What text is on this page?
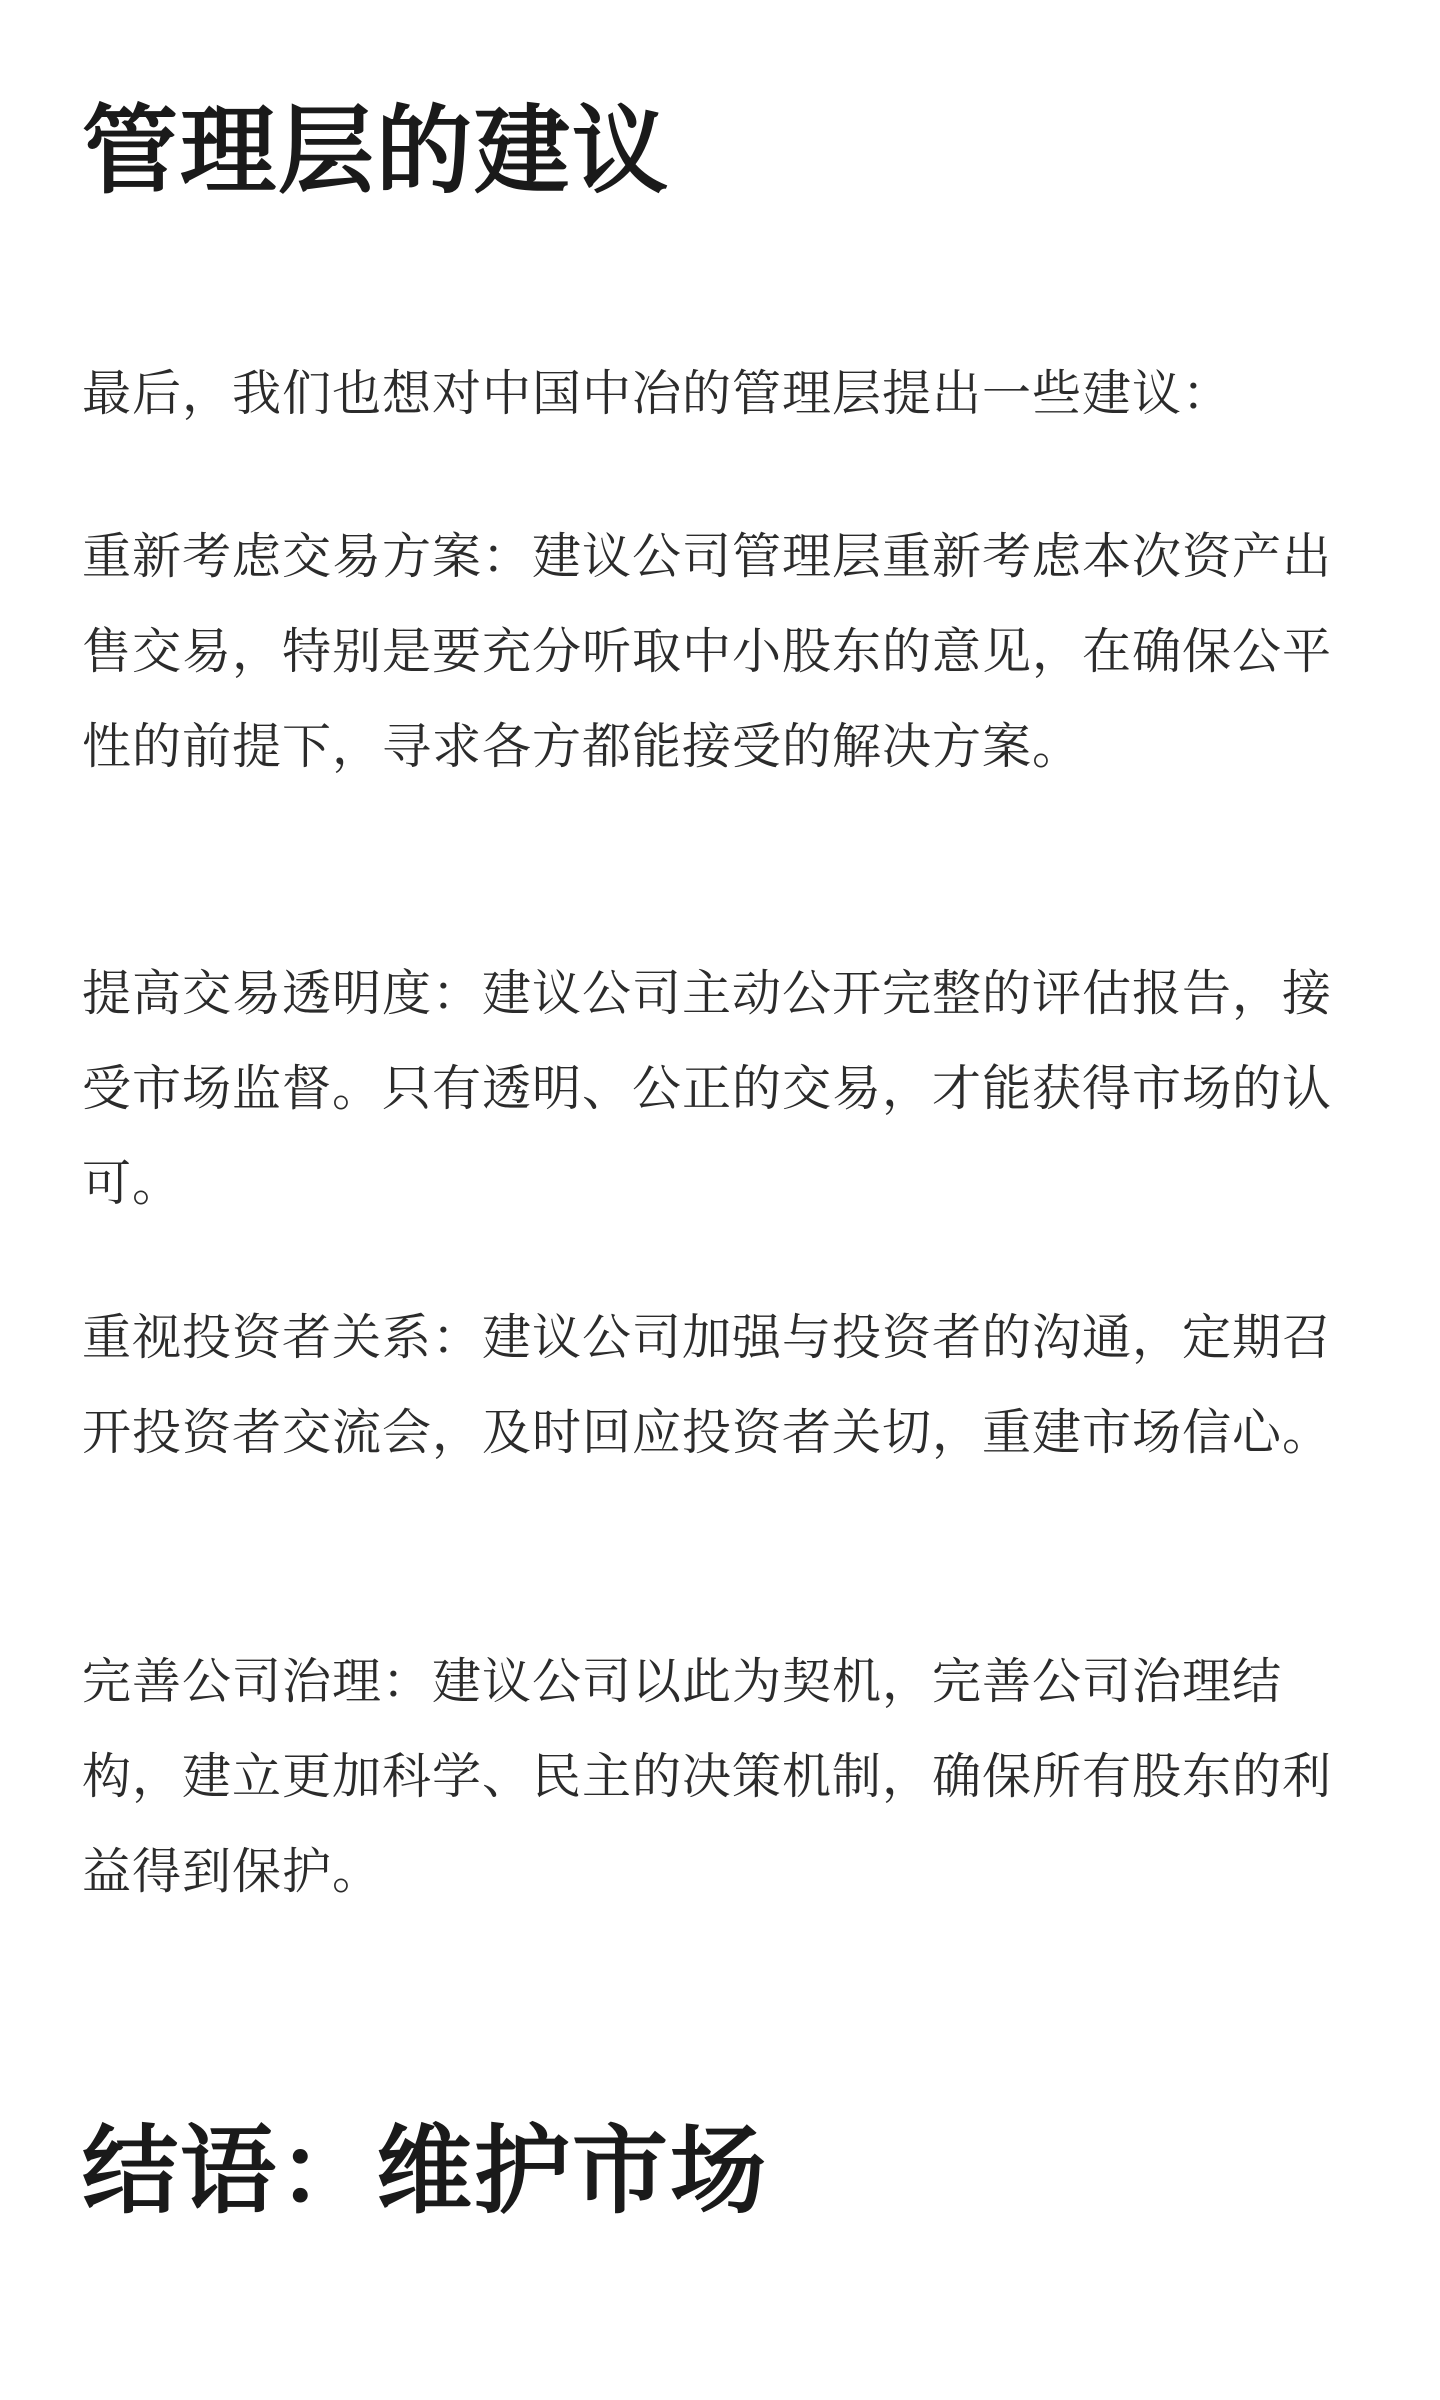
管理层的建议

最后，我们也想对中国中冶的管理层提出一些建议：

重新考虑交易方案：建议公司管理层重新考虑本次资产出售交易，特别是要充分听取中小股东的意见，在确保公平性的前提下，寻求各方都能接受的解决方案。

提高交易透明度：建议公司主动公开完整的评估报告，接受市场监督。只有透明、公正的交易，才能获得市场的认可。

重视投资者关系：建议公司加强与投资者的沟通，定期召开投资者交流会，及时回应投资者关切，重建市场信心。

完善公司治理：建议公司以此为契机，完善公司治理结构，建立更加科学、民主的决策机制，确保所有股东的利益得到保护。

结语：维护市场
